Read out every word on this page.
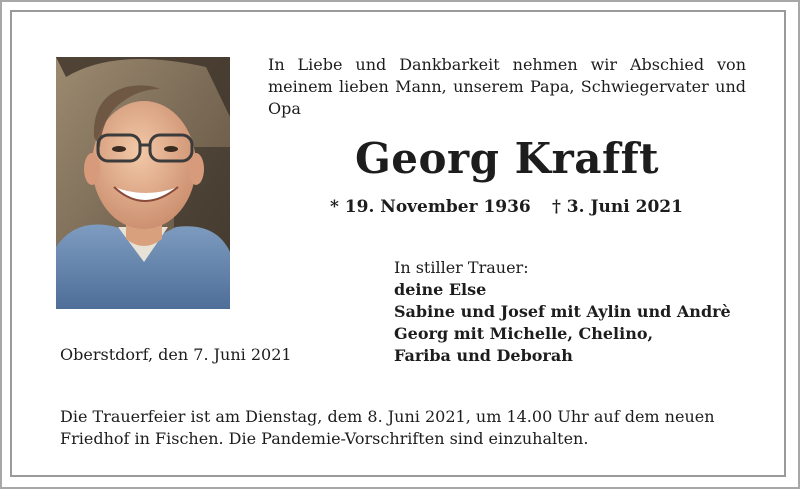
In Liebe und Dankbarkeit nehmen wir Abschied von meinem lieben Mann, unserem Papa, Schwiegervater und Opa
Georg Krafft
* 19. November 1936 † 3. Juni 2021
In stiller Trauer:
deine Else
Sabine und Josef mit Aylin und Andrè
Georg mit Michelle, Chelino,
Fariba und Deborah
Oberstdorf, den 7. Juni 2021
Die Trauerfeier ist am Dienstag, dem 8. Juni 2021, um 14.00 Uhr auf dem neuen Friedhof in Fischen. Die Pandemie-Vorschriften sind einzuhalten.
